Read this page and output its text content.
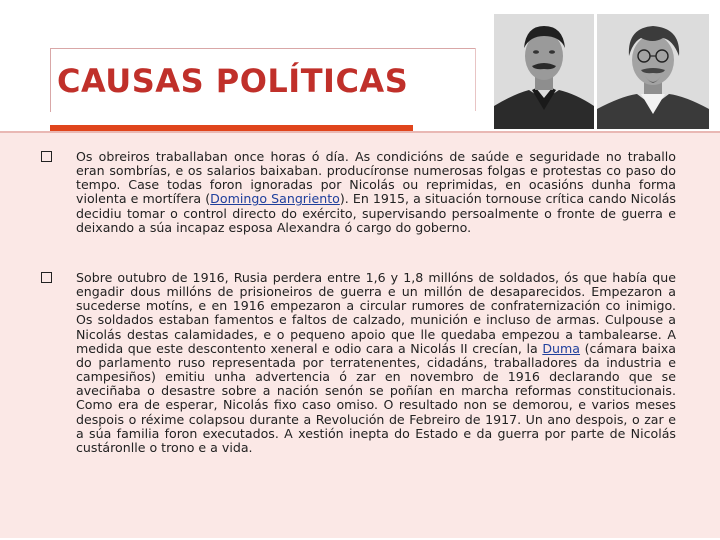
CAUSAS POLÍTICAS

Os obreiros traballaban once horas ó día. As condicións de saúde e seguridade no traballo eran sombrías, e os salarios baixaban. producíronse numerosas folgas e protestas co paso do tempo. Case todas foron ignoradas por Nicolás ou reprimidas, en ocasións dunha forma violenta e mortífera (Domingo Sangriento). En 1915, a situación tornouse crítica cando Nicolás decidiu tomar o control directo do exército, supervisando persoalmente o fronte de guerra e deixando a súa incapaz esposa Alexandra ó cargo do goberno.

Sobre outubro de 1916, Rusia perdera entre 1,6 y 1,8 millóns de soldados, ós que había que engadir dous millóns de prisioneiros de guerra e un millón de desaparecidos. Empezaron a sucederse motíns, e en 1916 empezaron a circular rumores de confraternización co inimigo. Os soldados estaban famentos e faltos de calzado, munición e incluso de armas. Culpouse a Nicolás destas calamidades, e o pequeno apoio que lle quedaba empezou a tambalearse. A medida que este descontento xeneral e odio cara a Nicolás II crecían, la Duma (cámara baixa do parlamento ruso representada por terratenentes, cidadáns, traballadores da industria e campesiños) emitiu unha advertencia ó zar en novembro de 1916 declarando que se aveciñaba o desastre sobre a nación senón se poñían en marcha reformas constitucionais. Como era de esperar, Nicolás fixo caso omiso. O resultado non se demorou, e varios meses despois o réxime colapsou durante a Revolución de Febreiro de 1917. Un ano despois, o zar e a súa familia foron executados. A xestión inepta do Estado e da guerra por parte de Nicolás custáronlle o trono e a vida.
